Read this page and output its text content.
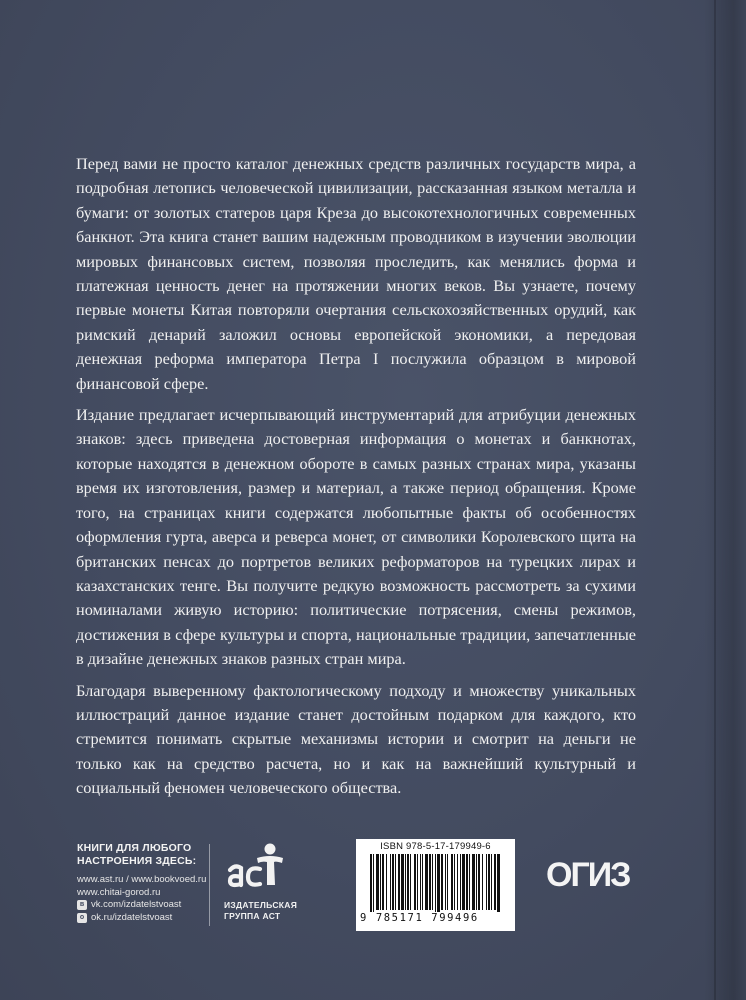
Перед вами не просто каталог денежных средств различных государств мира, а подробная летопись человеческой цивилизации, рассказанная языком металла и бумаги: от золотых статеров царя Креза до высокотехнологичных современных банкнот. Эта книга станет вашим надежным проводником в изучении эволюции мировых финансовых систем, позволяя проследить, как менялись форма и платежная ценность денег на протяжении многих веков. Вы узнаете, почему первые монеты Китая повторяли очертания сельскохозяйственных орудий, как римский денарий заложил основы европейской экономики, а передовая денежная реформа императора Петра I послужила образцом в мировой финансовой сфере.

Издание предлагает исчерпывающий инструментарий для атрибуции денежных знаков: здесь приведена достоверная информация о монетах и банкнотах, которые находятся в денежном обороте в самых разных странах мира, указаны время их изготовления, размер и материал, а также период обращения. Кроме того, на страницах книги содержатся любопытные факты об особенностях оформления гурта, аверса и реверса монет, от символики Королевского щита на британских пенсах до портретов великих реформаторов на турецких лирах и казахстанских тенге. Вы получите редкую возможность рассмотреть за сухими номиналами живую историю: политические потрясения, смены режимов, достижения в сфере культуры и спорта, национальные традиции, запечатленные в дизайне денежных знаков разных стран мира.

Благодаря выверенному фактологическому подходу и множеству уникальных иллюстраций данное издание станет достойным подарком для каждого, кто стремится понимать скрытые механизмы истории и смотрит на деньги не только как на средство расчета, но и как на важнейший культурный и социальный феномен человеческого общества.

КНИГИ ДЛЯ ЛЮБОГО
НАСТРОЕНИЯ ЗДЕСЬ:
www.ast.ru / www.bookvoed.ru
www.chitai-gorod.ru
в vk.com/izdatelstvoast
о ok.ru/izdatelstvoast
ИЗДАТЕЛЬСКАЯ
ГРУППА АСТ
ISBN 978-5-17-179949-6
9 785171 799496
ОГИЗ
